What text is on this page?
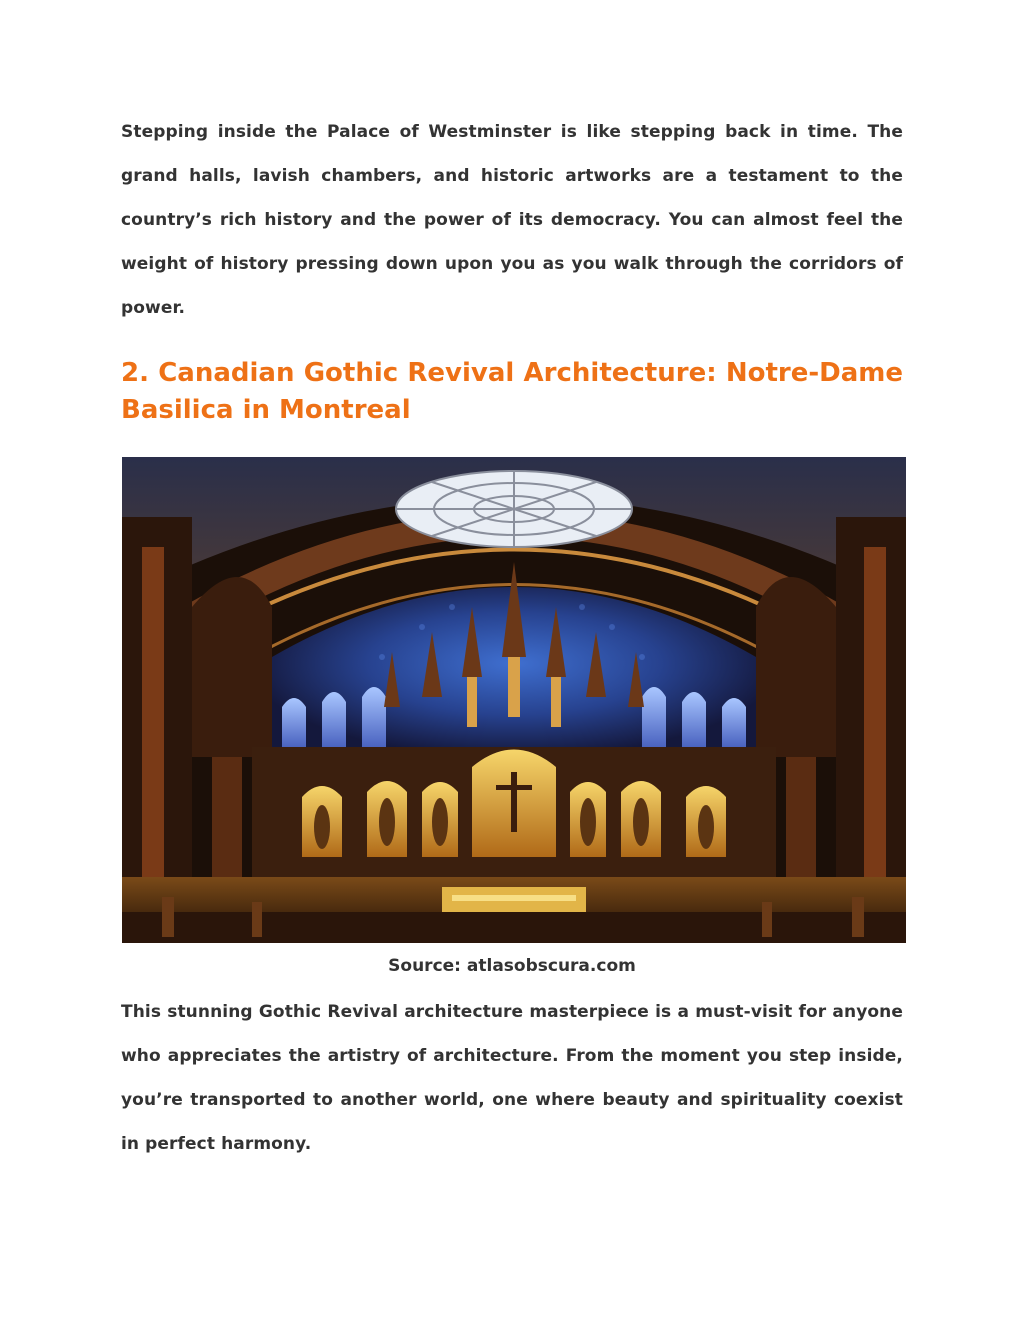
Stepping inside the Palace of Westminster is like stepping back in time. The grand halls, lavish chambers, and historic artworks are a testament to the country’s rich history and the power of its democracy. You can almost feel the weight of history pressing down upon you as you walk through the corridors of power.

2. Canadian Gothic Revival Architecture: Notre-Dame Basilica in Montreal
Source: atlasobscura.com

This stunning Gothic Revival architecture masterpiece is a must-visit for anyone who appreciates the artistry of architecture. From the moment you step inside, you’re transported to another world, one where beauty and spirituality coexist in perfect harmony.
